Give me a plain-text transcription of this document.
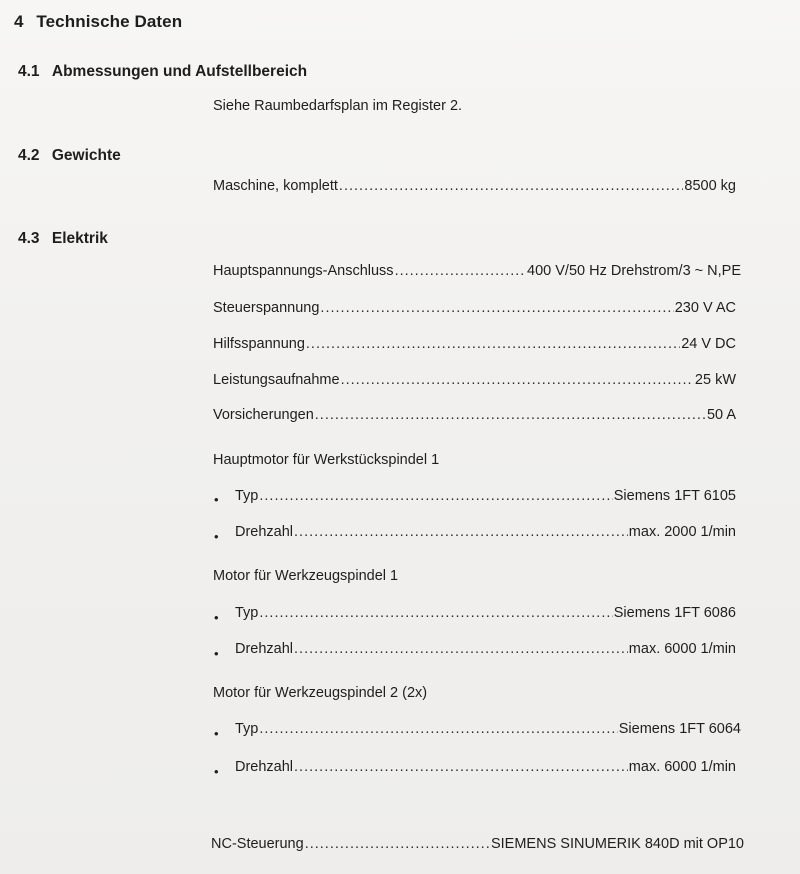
4 Technische Daten
4.1 Abmessungen und Aufstellbereich
Siehe Raumbedarfsplan im Register 2.
4.2 Gewichte
Maschine, komplett .....	8500 kg
4.3 Elektrik
Hauptspannungs-Anschluss .....	400 V/50 Hz Drehstrom/3 ~ N,PE
Steuerspannung .....	230 V AC
Hilfsspannung .....	24 V DC
Leistungsaufnahme .....	25 kW
Vorsicherungen .....	50 A
Hauptmotor für Werkstückspindel 1
• Typ .....	Siemens 1FT 6105
• Drehzahl .....	max. 2000 1/min
Motor für Werkzeugspindel 1
• Typ .....	Siemens 1FT 6086
• Drehzahl .....	max. 6000 1/min
Motor für Werkzeugspindel 2 (2x)
• Typ .....	Siemens 1FT 6064
• Drehzahl .....	max. 6000 1/min
NC-Steuerung .....	SIEMENS SINUMERIK 840D mit OP10
